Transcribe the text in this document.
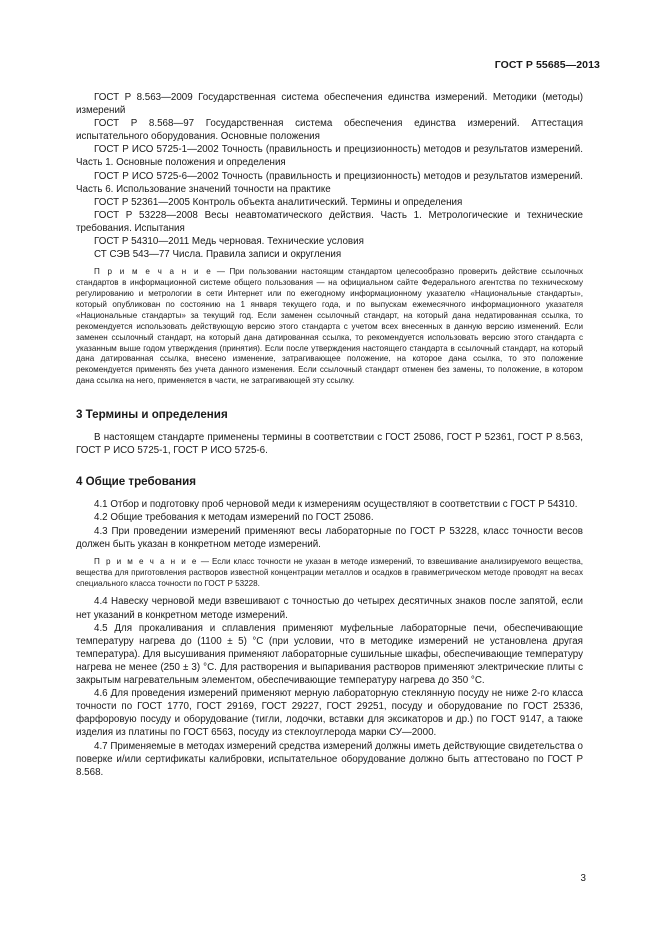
ГОСТ Р 55685—2013

ГОСТ Р 8.563—2009 Государственная система обеспечения единства измерений. Методики (методы) измерений

ГОСТ Р 8.568—97 Государственная система обеспечения единства измерений. Аттестация испытательного оборудования. Основные положения

ГОСТ Р ИСО 5725-1—2002 Точность (правильность и прецизионность) методов и результатов измерений. Часть 1. Основные положения и определения

ГОСТ Р ИСО 5725-6—2002 Точность (правильность и прецизионность) методов и результатов измерений. Часть 6. Использование значений точности на практике

ГОСТ Р 52361—2005 Контроль объекта аналитический. Термины и определения

ГОСТ Р 53228—2008 Весы неавтоматического действия. Часть 1. Метрологические и технические требования. Испытания

ГОСТ Р 54310—2011 Медь черновая. Технические условия

СТ СЭВ 543—77 Числа. Правила записи и округления

П р и м е ч а н и е — При пользовании настоящим стандартом целесообразно проверить действие ссылочных стандартов в информационной системе общего пользования — на официальном сайте Федерального агентства по техническому регулированию и метрологии в сети Интернет или по ежегодному информационному указателю «Национальные стандарты», который опубликован по состоянию на 1 января текущего года, и по выпускам ежемесячного информационного указателя «Национальные стандарты» за текущий год. Если заменен ссылочный стандарт, на который дана недатированная ссылка, то рекомендуется использовать действующую версию этого стандарта с учетом всех внесенных в данную версию изменений. Если заменен ссылочный стандарт, на который дана датированная ссылка, то рекомендуется использовать версию этого стандарта с указанным выше годом утверждения (принятия). Если после утверждения настоящего стандарта в ссылочный стандарт, на который дана датированная ссылка, внесено изменение, затрагивающее положение, на которое дана ссылка, то это положение рекомендуется применять без учета данного изменения. Если ссылочный стандарт отменен без замены, то положение, в котором дана ссылка на него, применяется в части, не затрагивающей эту ссылку.

3 Термины и определения

В настоящем стандарте применены термины в соответствии с ГОСТ 25086, ГОСТ Р 52361, ГОСТ Р 8.563, ГОСТ Р ИСО 5725-1, ГОСТ Р ИСО 5725-6.

4 Общие требования

4.1 Отбор и подготовку проб черновой меди к измерениям осуществляют в соответствии с ГОСТ Р 54310.

4.2 Общие требования к методам измерений по ГОСТ 25086.

4.3 При проведении измерений применяют весы лабораторные по ГОСТ Р 53228, класс точности весов должен быть указан в конкретном методе измерений.

П р и м е ч а н и е — Если класс точности не указан в методе измерений, то взвешивание анализируемого вещества, вещества для приготовления растворов известной концентрации металлов и осадков в гравиметрическом методе проводят на весах специального класса точности по ГОСТ Р 53228.

4.4 Навеску черновой меди взвешивают с точностью до четырех десятичных знаков после запятой, если нет указаний в конкретном методе измерений.

4.5 Для прокаливания и сплавления применяют муфельные лабораторные печи, обеспечивающие температуру нагрева до (1100 ± 5) °С (при условии, что в методике измерений не установлена другая температура). Для высушивания применяют лабораторные сушильные шкафы, обеспечивающие температуру нагрева не менее (250 ± 3) °С. Для растворения и выпаривания растворов применяют электрические плиты с закрытым нагревательным элементом, обеспечивающие температуру нагрева до 350 °С.

4.6 Для проведения измерений применяют мерную лабораторную стеклянную посуду не ниже 2-го класса точности по ГОСТ 1770, ГОСТ 29169, ГОСТ 29227, ГОСТ 29251, посуду и оборудование по ГОСТ 25336, фарфоровую посуду и оборудование (тигли, лодочки, вставки для эксикаторов и др.) по ГОСТ 9147, а также изделия из платины по ГОСТ 6563, посуду из стеклоуглерода марки СУ—2000.

4.7 Применяемые в методах измерений средства измерений должны иметь действующие свидетельства о поверке и/или сертификаты калибровки, испытательное оборудование должно быть аттестовано по ГОСТ Р 8.568.

3
